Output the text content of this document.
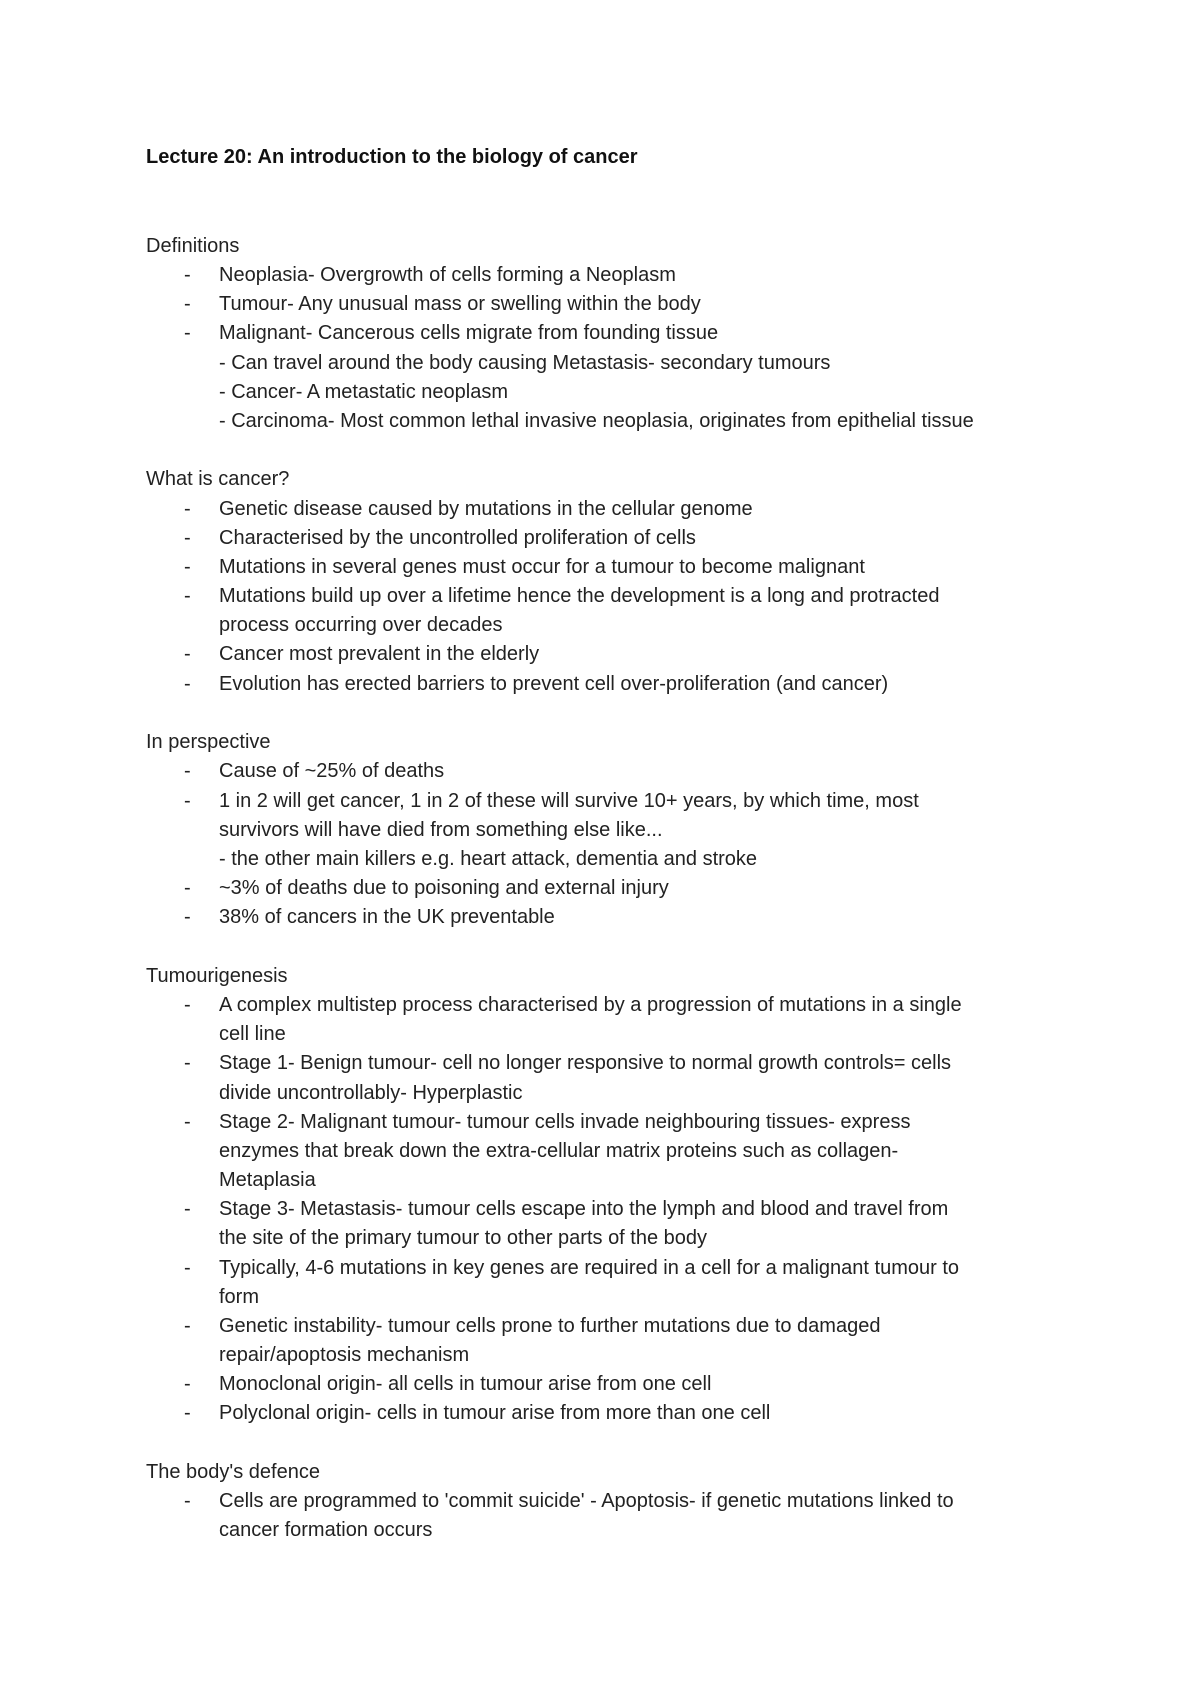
Lecture 20: An introduction to the biology of cancer
Definitions
- Neoplasia- Overgrowth of cells forming a Neoplasm
- Tumour- Any unusual mass or swelling within the body
- Malignant- Cancerous cells migrate from founding tissue
- Can travel around the body causing Metastasis- secondary tumours
- Cancer- A metastatic neoplasm
- Carcinoma- Most common lethal invasive neoplasia, originates from epithelial tissue
What is cancer?
- Genetic disease caused by mutations in the cellular genome
- Characterised by the uncontrolled proliferation of cells
- Mutations in several genes must occur for a tumour to become malignant
- Mutations build up over a lifetime hence the development is a long and protracted
process occurring over decades
- Cancer most prevalent in the elderly
- Evolution has erected barriers to prevent cell over-proliferation (and cancer)
In perspective
- Cause of ~25% of deaths
- 1 in 2 will get cancer, 1 in 2 of these will survive 10+ years, by which time, most
survivors will have died from something else like...
- the other main killers e.g. heart attack, dementia and stroke
- ~3% of deaths due to poisoning and external injury
- 38% of cancers in the UK preventable
Tumourigenesis
- A complex multistep process characterised by a progression of mutations in a single
cell line
- Stage 1- Benign tumour- cell no longer responsive to normal growth controls= cells
divide uncontrollably- Hyperplastic
- Stage 2- Malignant tumour- tumour cells invade neighbouring tissues- express
enzymes that break down the extra-cellular matrix proteins such as collagen-
Metaplasia
- Stage 3- Metastasis- tumour cells escape into the lymph and blood and travel from
the site of the primary tumour to other parts of the body
- Typically, 4-6 mutations in key genes are required in a cell for a malignant tumour to
form
- Genetic instability- tumour cells prone to further mutations due to damaged
repair/apoptosis mechanism
- Monoclonal origin- all cells in tumour arise from one cell
- Polyclonal origin- cells in tumour arise from more than one cell
The body's defence
- Cells are programmed to 'commit suicide' - Apoptosis- if genetic mutations linked to
cancer formation occurs
